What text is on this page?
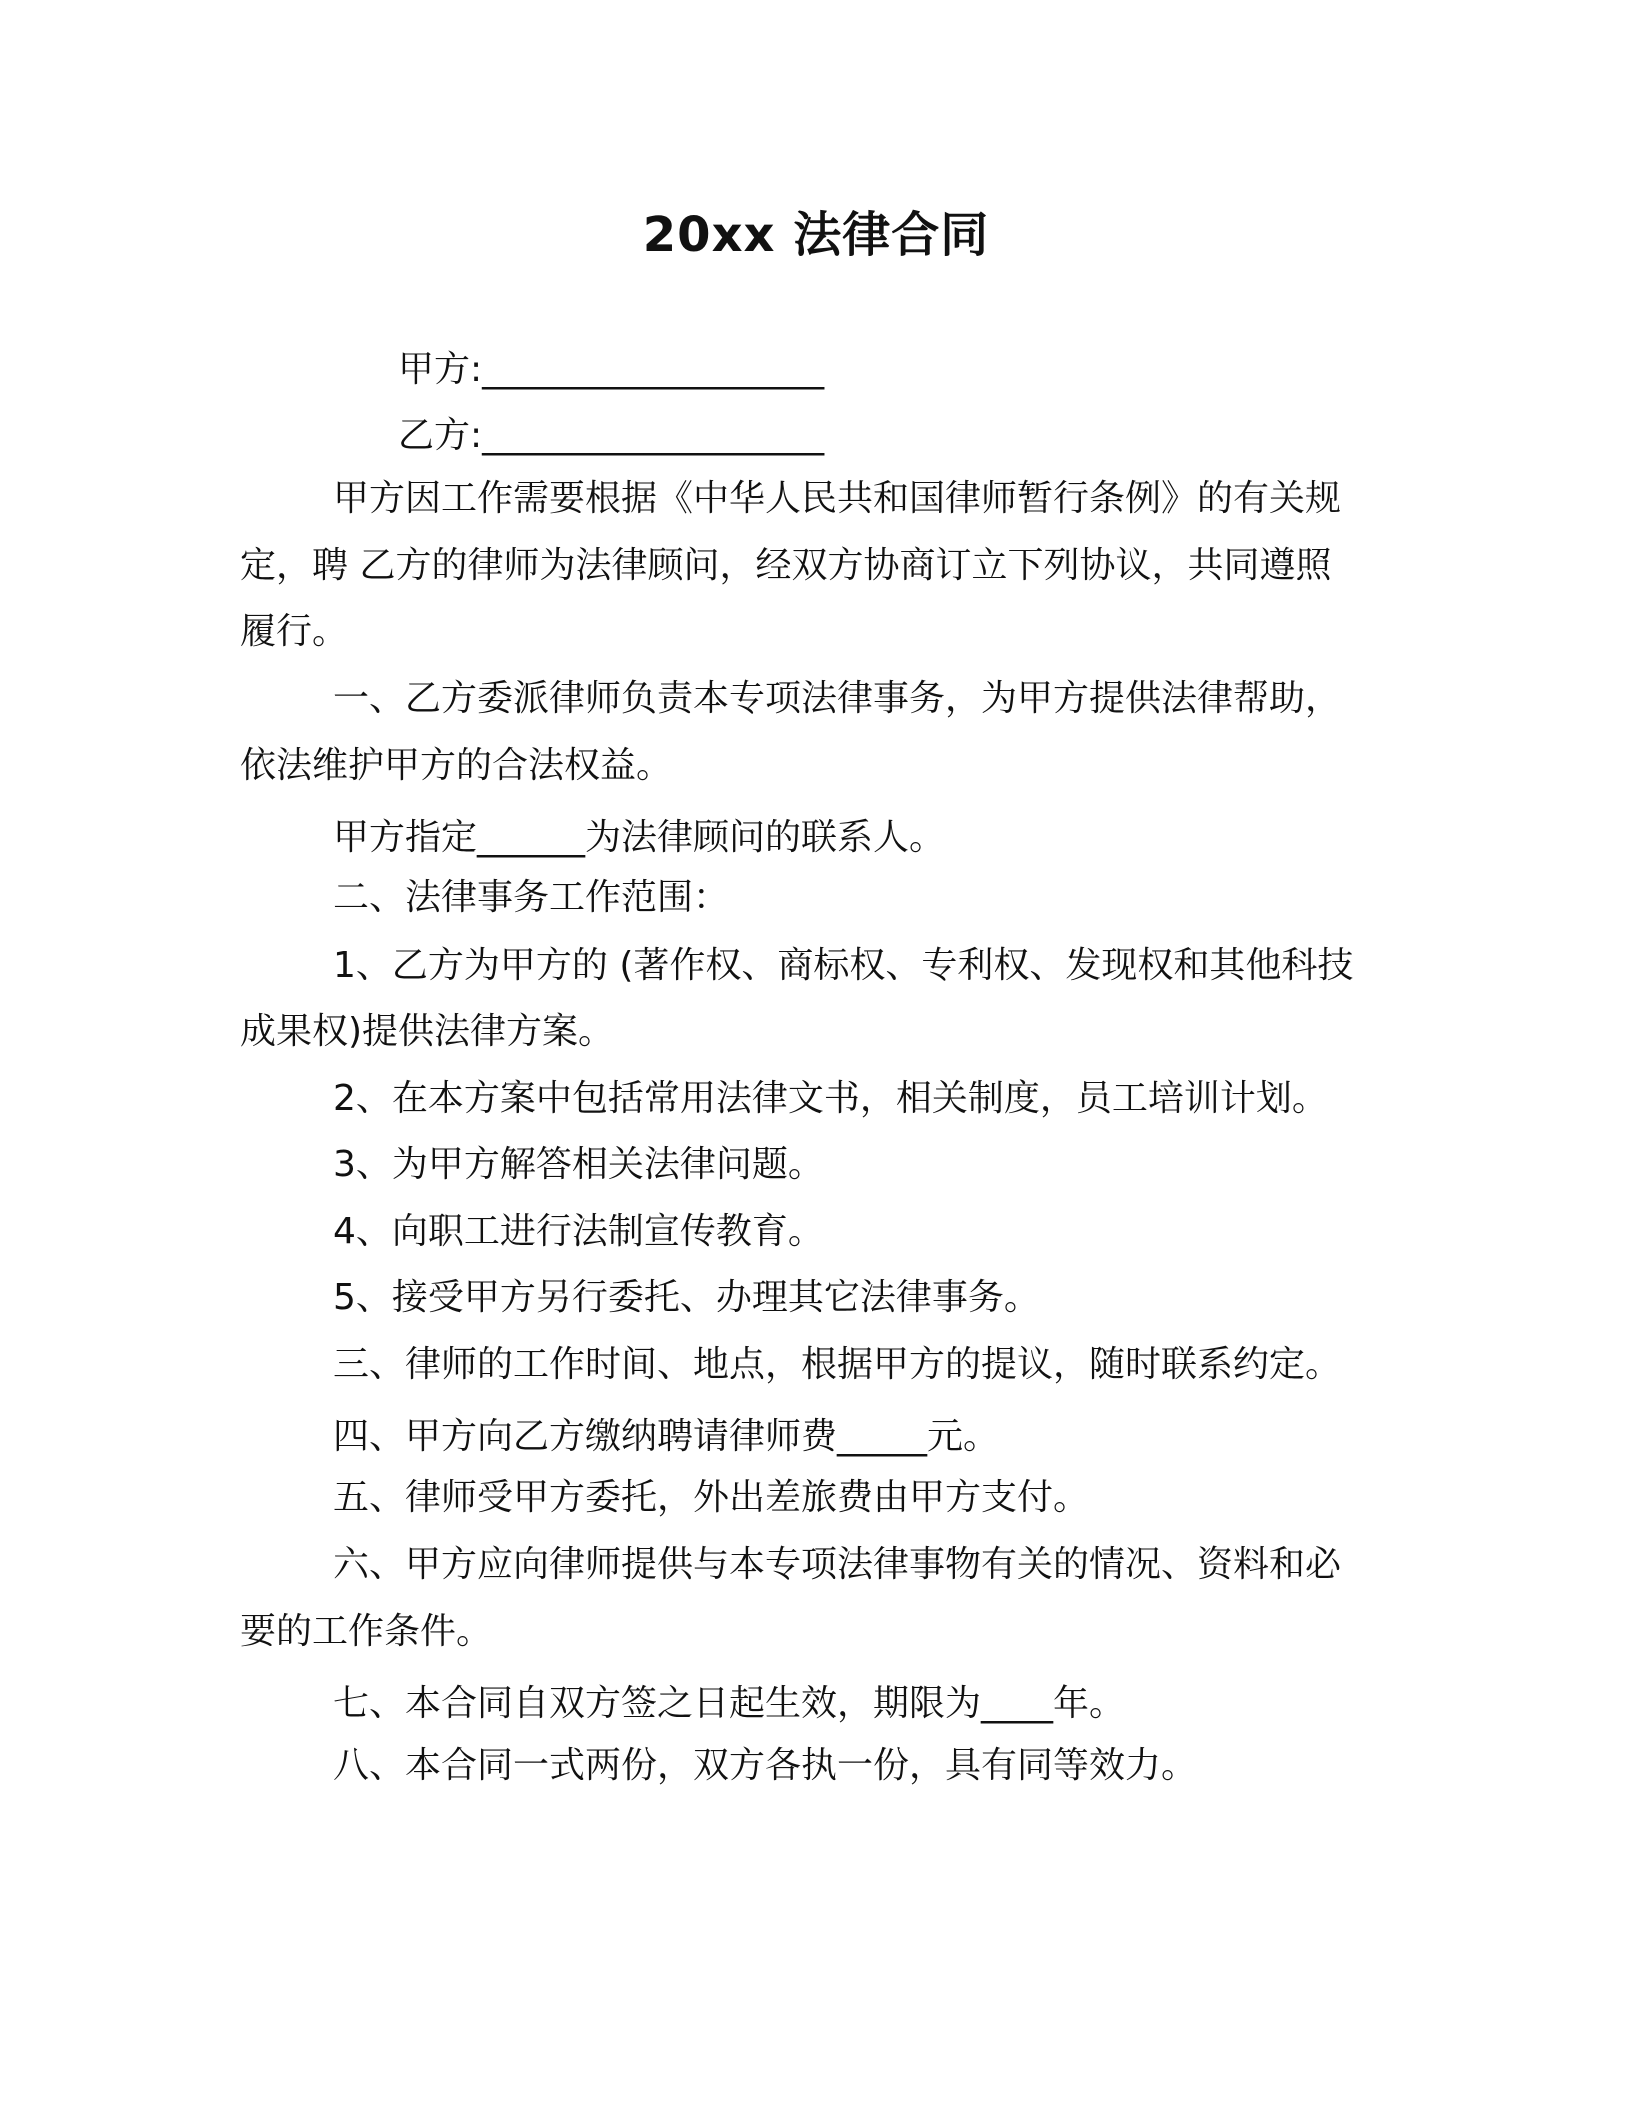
20xx 法律合同
甲方:___________________
乙方:___________________
甲方因工作需要根据《中华人民共和国律师暂行条例》的有关规
定，聘 乙方的律师为法律顾问，经双方协商订立下列协议，共同遵照
履行。
一、乙方委派律师负责本专项法律事务，为甲方提供法律帮助，
依法维护甲方的合法权益。
甲方指定______为法律顾问的联系人。
二、法律事务工作范围：
1、乙方为甲方的 (著作权、商标权、专利权、发现权和其他科技
成果权)提供法律方案。
2、在本方案中包括常用法律文书，相关制度，员工培训计划。
3、为甲方解答相关法律问题。
4、向职工进行法制宣传教育。
5、接受甲方另行委托、办理其它法律事务。
三、律师的工作时间、地点，根据甲方的提议，随时联系约定。
四、甲方向乙方缴纳聘请律师费_____元。
五、律师受甲方委托，外出差旅费由甲方支付。
六、甲方应向律师提供与本专项法律事物有关的情况、资料和必
要的工作条件。
七、本合同自双方签之日起生效，期限为____年。
八、本合同一式两份，双方各执一份，具有同等效力。
